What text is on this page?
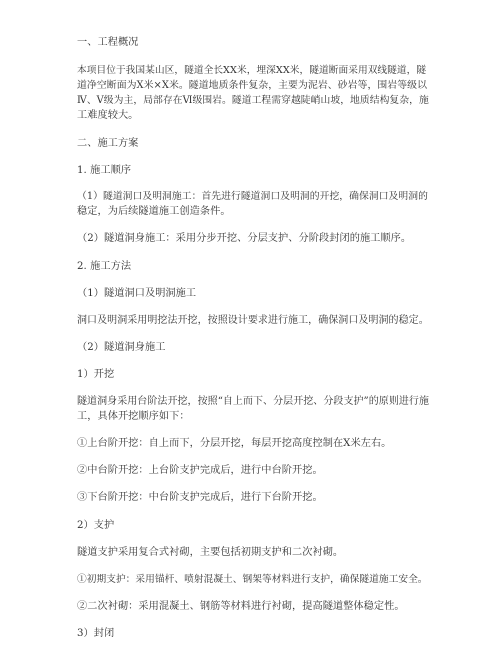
一、工程概况
本项目位于我国某山区，隧道全长XX米，埋深XX米，隧道断面采用双线隧道，隧
道净空断面为X米×X米。隧道地质条件复杂，主要为泥岩、砂岩等，围岩等级以
Ⅳ、Ⅴ级为主，局部存在Ⅵ级围岩。隧道工程需穿越陡峭山坡，地质结构复杂，施
工难度较大。
二、施工方案
1. 施工顺序
（1）隧道洞口及明洞施工：首先进行隧道洞口及明洞的开挖，确保洞口及明洞的
稳定，为后续隧道施工创造条件。
（2）隧道洞身施工：采用分步开挖、分层支护、分阶段封闭的施工顺序。
2. 施工方法
（1）隧道洞口及明洞施工
洞口及明洞采用明挖法开挖，按照设计要求进行施工，确保洞口及明洞的稳定。
（2）隧道洞身施工
1）开挖
隧道洞身采用台阶法开挖，按照“自上而下、分层开挖、分段支护”的原则进行施
工，具体开挖顺序如下：
①上台阶开挖：自上而下，分层开挖，每层开挖高度控制在X米左右。
②中台阶开挖：上台阶支护完成后，进行中台阶开挖。
③下台阶开挖：中台阶支护完成后，进行下台阶开挖。
2）支护
隧道支护采用复合式衬砌，主要包括初期支护和二次衬砌。
①初期支护：采用锚杆、喷射混凝土、钢架等材料进行支护，确保隧道施工安全。
②二次衬砌：采用混凝土、钢筋等材料进行衬砌，提高隧道整体稳定性。
3）封闭
